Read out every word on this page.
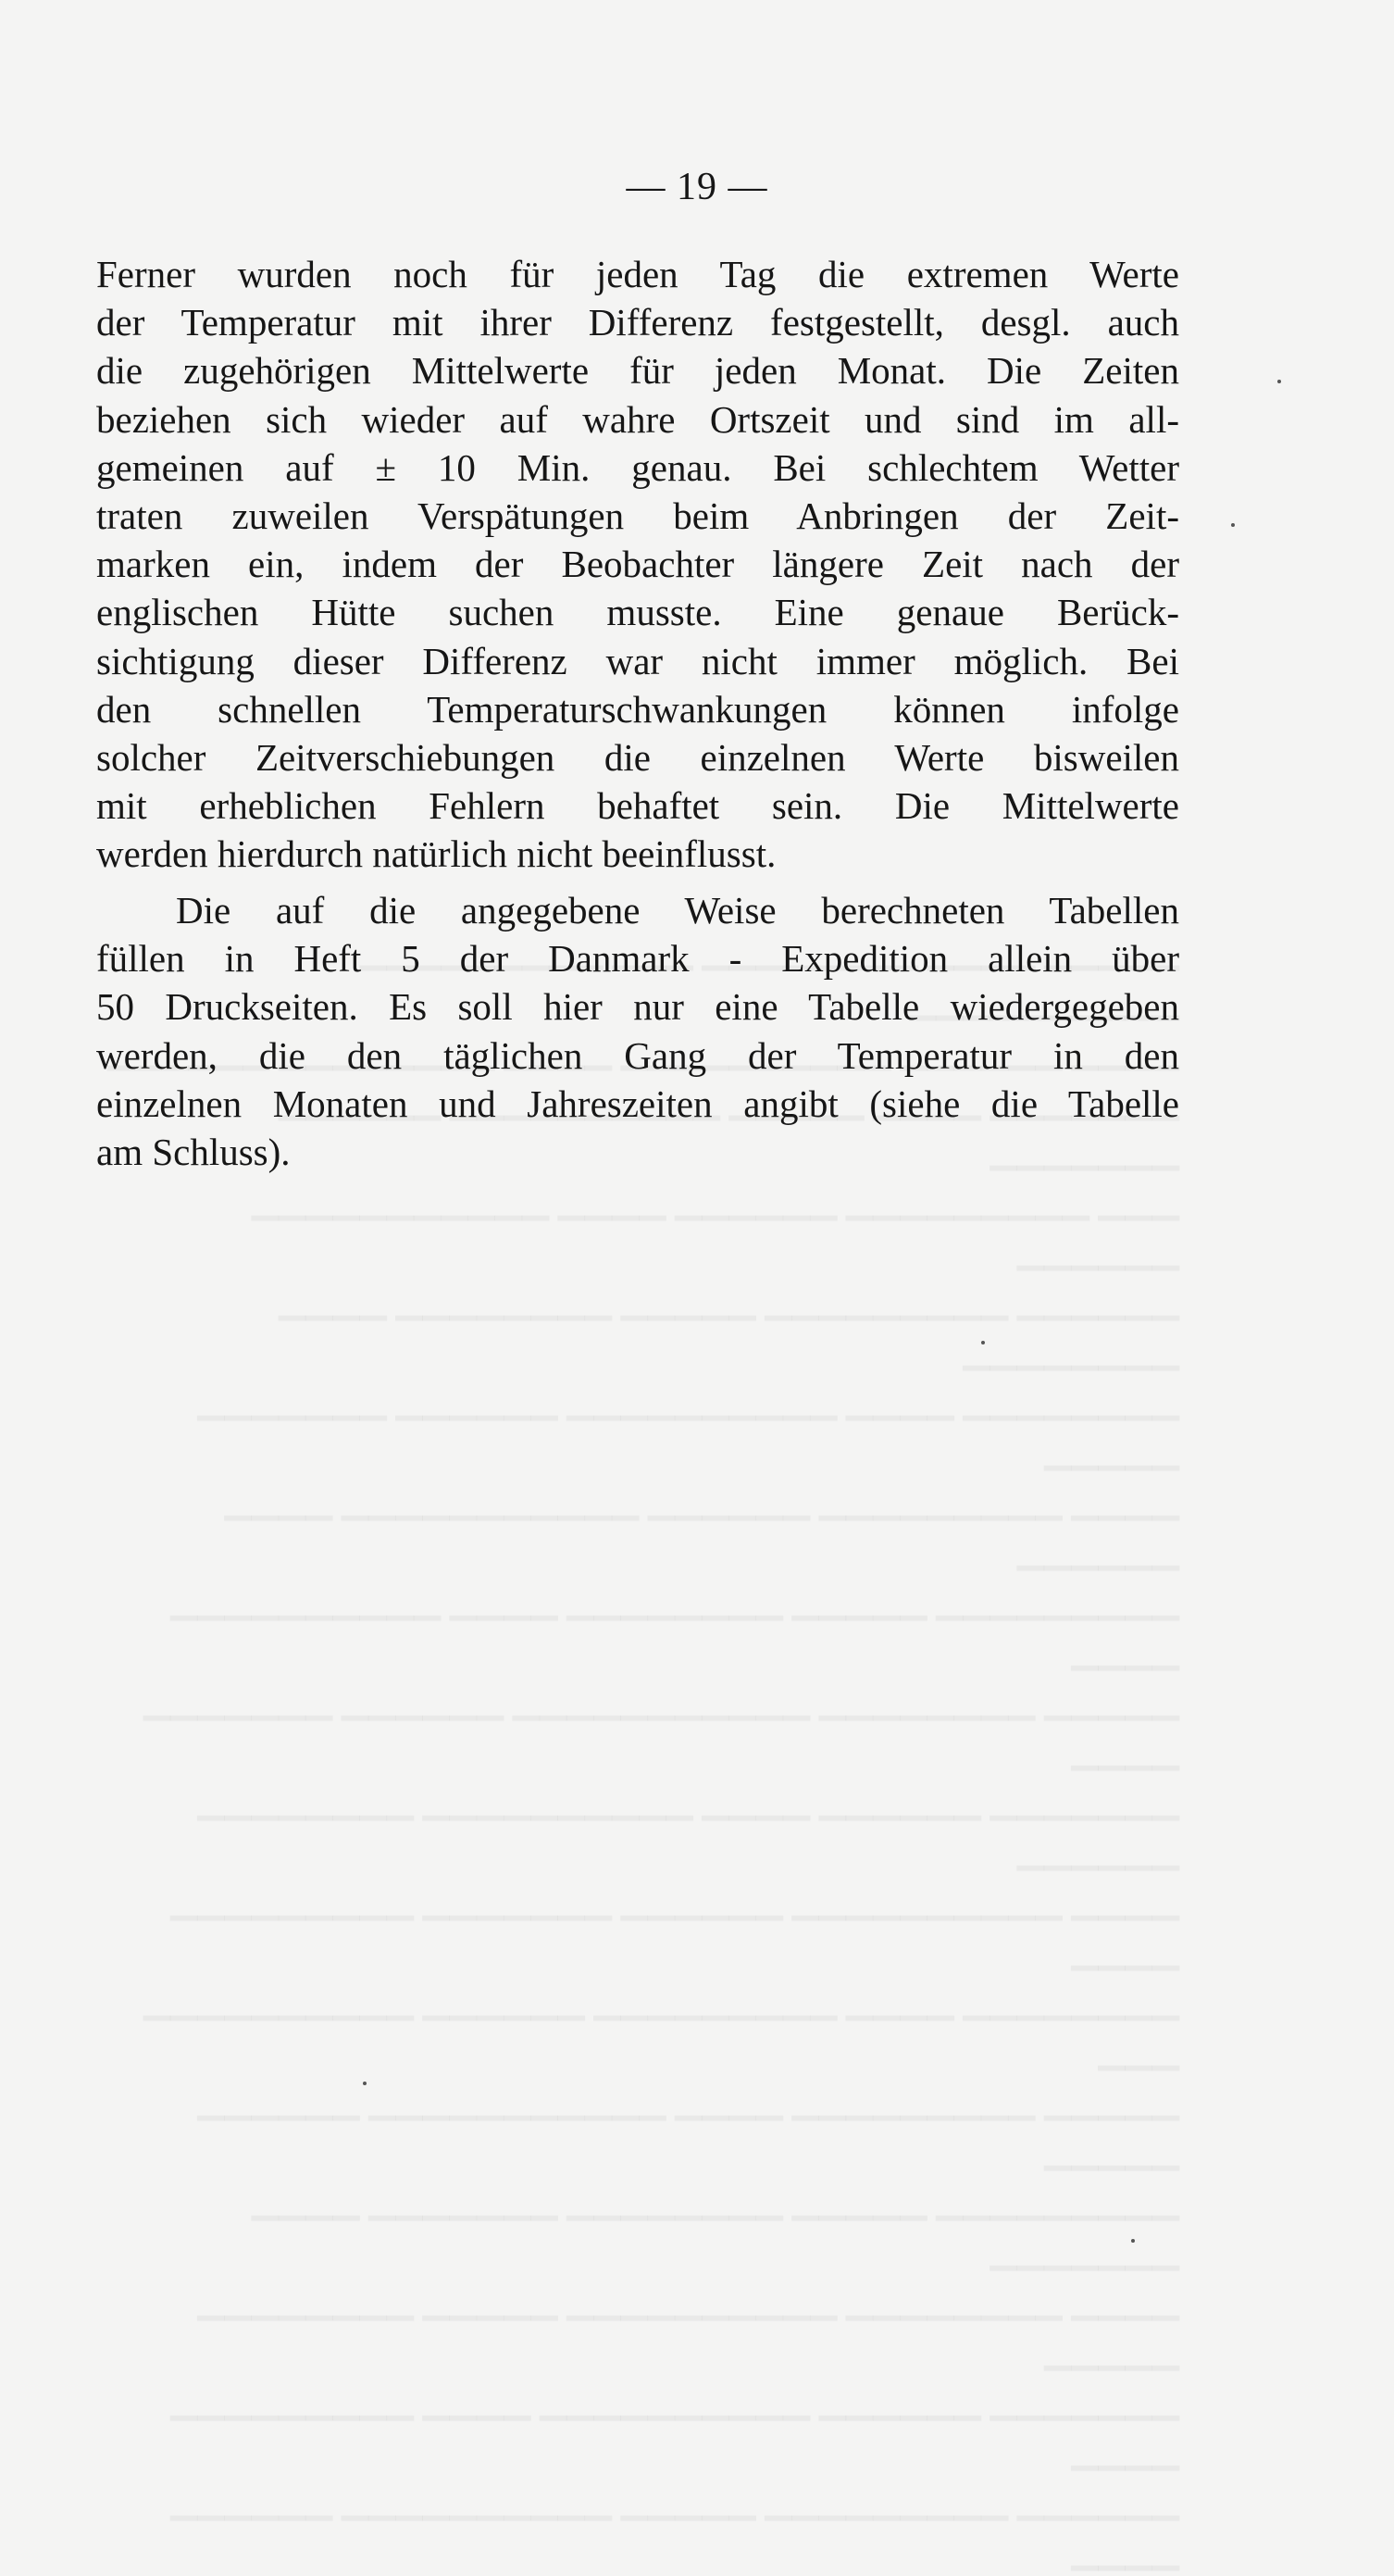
— 19 —
Ferner wurden noch für jeden Tag die extremen Werte
der Temperatur mit ihrer Differenz festgestellt, desgl. auch
die zugehörigen Mittelwerte für jeden Monat. Die Zeiten
beziehen sich wieder auf wahre Ortszeit und sind im all-
gemeinen auf ± 10 Min. genau. Bei schlechtem Wetter
traten zuweilen Verspätungen beim Anbringen der Zeit-
marken ein, indem der Beobachter längere Zeit nach der
englischen Hütte suchen musste. Eine genaue Berück-
sichtigung dieser Differenz war nicht immer möglich. Bei
den schnellen Temperaturschwankungen können infolge
solcher Zeitverschiebungen die einzelnen Werte bisweilen
mit erheblichen Fehlern behaftet sein. Die Mittelwerte
werden hierdurch natürlich nicht beeinflusst.
Die auf die angegebene Weise berechneten Tabellen
füllen in Heft 5 der Danmark - Expedition allein über
50 Druckseiten. Es soll hier nur eine Tabelle wiedergegeben
werden, die den täglichen Gang der Temperatur in den
einzelnen Monaten und Jahreszeiten angibt (siehe die Tabelle
am Schluss).
